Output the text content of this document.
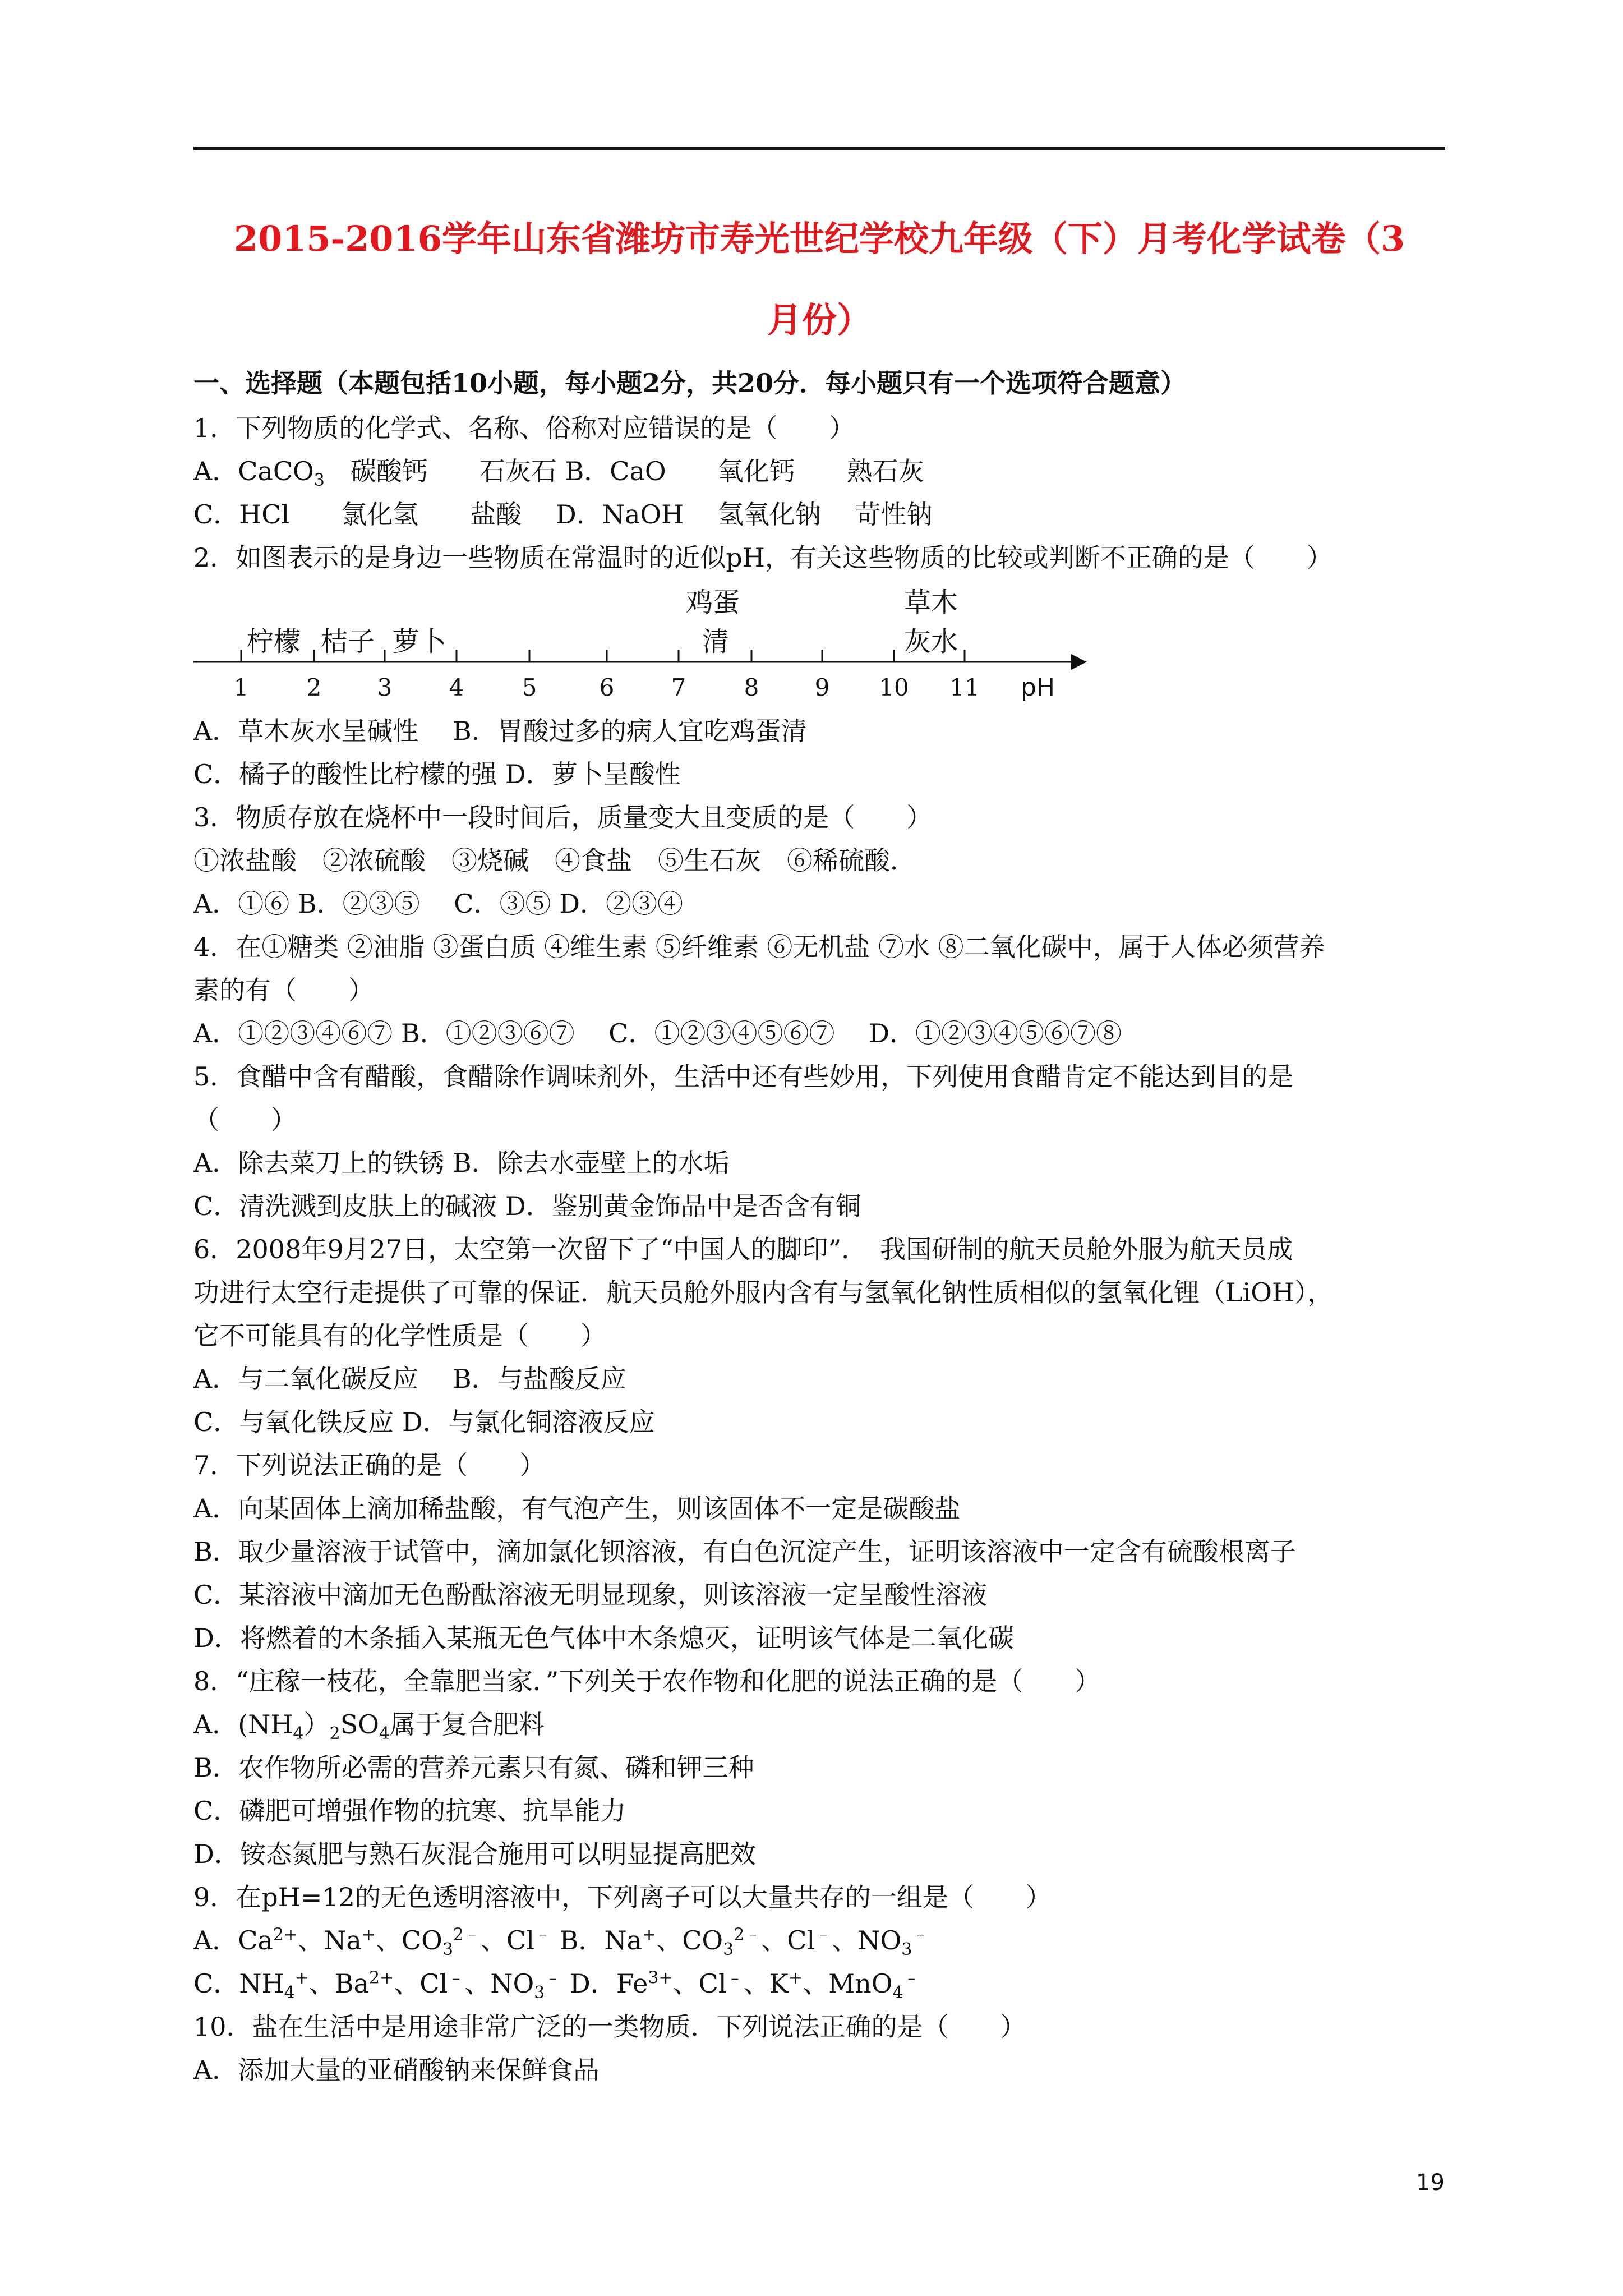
2015-2016学年山东省潍坊市寿光世纪学校九年级（下）月考化学试卷（3
月份）
一、选择题（本题包括10小题，每小题2分，共20分．每小题只有一个选项符合题意）
1．下列物质的化学式、名称、俗称对应错误的是（　　）
A．CaCO$_3$　碳酸钙　　石灰石 B．CaO　　氧化钙　　熟石灰
C．HCl　　氯化氢　　盐酸　 D．NaOH　 氢氧化钠　 苛性钠
2．如图表示的是身边一些物质在常温时的近似pH，有关这些物质的比较或判断不正确的是（　　）
柠檬 桔子 萝卜
鸡蛋
清
草木
灰水
1 2 3 4 5	6 7 8 9 10 11 pH
A．草木灰水呈碱性　 B．胃酸过多的病人宜吃鸡蛋清
C．橘子的酸性比柠檬的强 D．萝卜呈酸性
3．物质存放在烧杯中一段时间后，质量变大且变质的是（　　）
①浓盐酸　②浓硫酸　③烧碱　④食盐　⑤生石灰　⑥稀硫酸．
A．①⑥ B．②③⑤　 C．③⑤ D．②③④
4．在①糖类 ②油脂 ③蛋白质 ④维生素 ⑤纤维素 ⑥无机盐 ⑦水 ⑧二氧化碳中，属于人体必须营养
素的有（　　）
A．①②③④⑥⑦ B．①②③⑥⑦　 C．①②③④⑤⑥⑦　 D．①②③④⑤⑥⑦⑧
5．食醋中含有醋酸，食醋除作调味剂外，生活中还有些妙用，下列使用食醋肯定不能达到目的是
（　　）
A．除去菜刀上的铁锈 B．除去水壶壁上的水垢
C．清洗溅到皮肤上的碱液 D．鉴别黄金饰品中是否含有铜
6．2008年9月27日，太空第一次留下了“中国人的脚印”．　我国研制的航天员舱外服为航天员成
功进行太空行走提供了可靠的保证．航天员舱外服内含有与氢氧化钠性质相似的氢氧化锂（LiOH），
它不可能具有的化学性质是（　　）
A．与二氧化碳反应　 B．与盐酸反应
C．与氧化铁反应 D．与氯化铜溶液反应
7．下列说法正确的是（　　）
A．向某固体上滴加稀盐酸，有气泡产生，则该固体不一定是碳酸盐
B．取少量溶液于试管中，滴加氯化钡溶液，有白色沉淀产生，证明该溶液中一定含有硫酸根离子
C．某溶液中滴加无色酚酞溶液无明显现象，则该溶液一定呈酸性溶液
D．将燃着的木条插入某瓶无色气体中木条熄灭，证明该气体是二氧化碳
8．“庄稼一枝花，全靠肥当家．”下列关于农作物和化肥的说法正确的是（　　）
A．$(NH_4)_2SO_4$属于复合肥料
B．农作物所必需的营养元素只有氮、磷和钾三种
C．磷肥可增强作物的抗寒、抗旱能力
D．铵态氮肥与熟石灰混合施用可以明显提高肥效
9．在pH=12的无色透明溶液中，下列离子可以大量共存的一组是（　　）
A．$Ca^{2+}$、Na+、$CO_3^{2﹣}$、Cl﹣ B．Na+、$CO_3^{2﹣}$、Cl﹣、$NO_3^﹣$
C．$NH_4^+$、$Ba^{2+}$、Cl﹣、$NO_3^﹣$ D．$Fe^{3+}$、Cl﹣、K+、MnO$_4$﹣
10．盐在生活中是用途非常广泛的一类物质．下列说法正确的是（　　）
A．添加大量的亚硝酸钠来保鲜食品
19
